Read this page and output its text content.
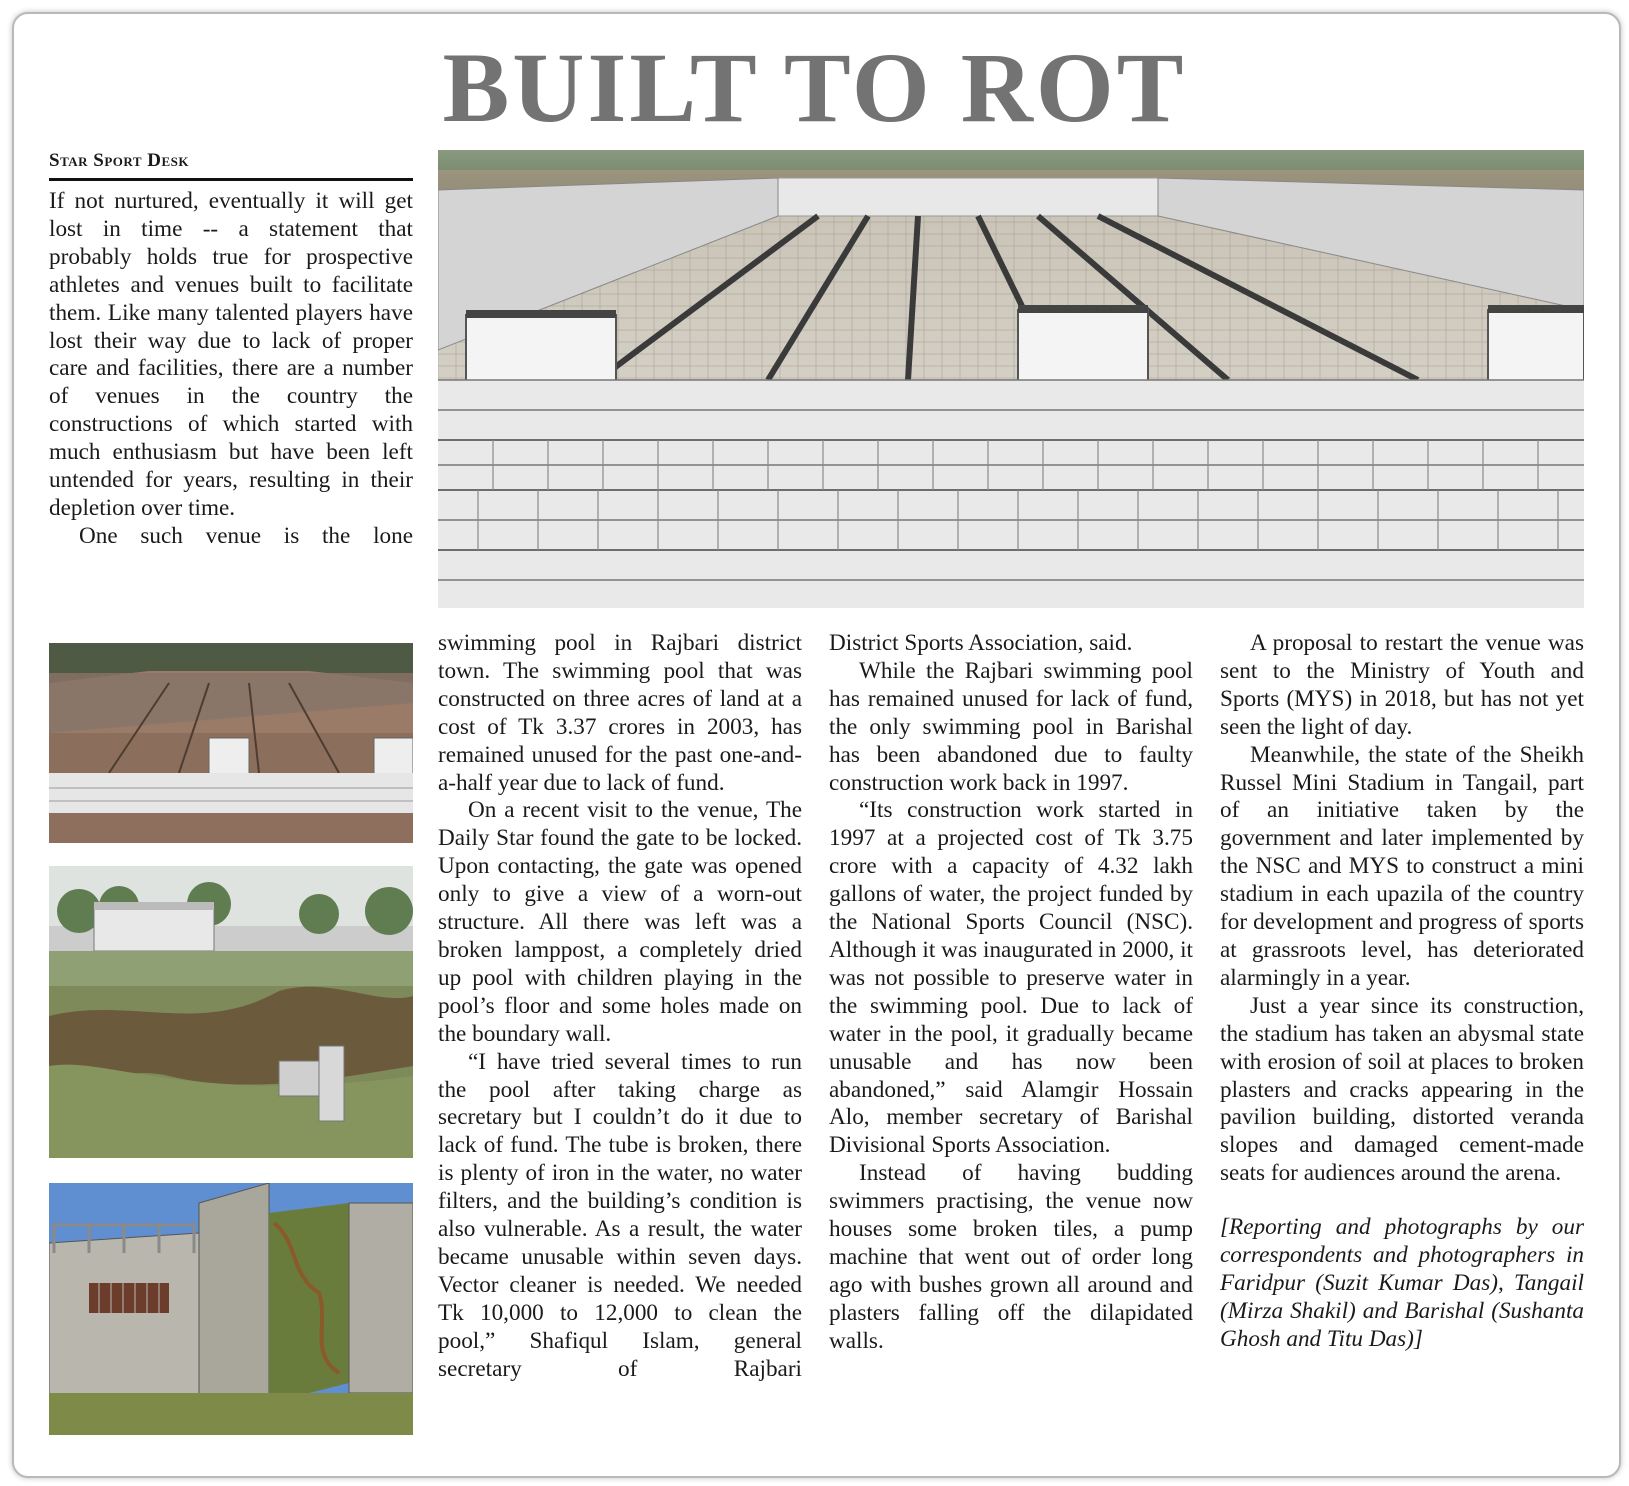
BUILT TO ROT
Star Sport Desk

If not nurtured, eventually it will get lost in time -- a statement that probably holds true for prospective athletes and venues built to facilitate them. Like many talented players have lost their way due to lack of proper care and facilities, there are a number of venues in the country the constructions of which started with much enthusiasm but have been left untended for years, resulting in their depletion over time.

One such venue is the lone

swimming pool in Rajbari district town. The swimming pool that was constructed on three acres of land at a cost of Tk 3.37 crores in 2003, has remained unused for the past one-and-a-half year due to lack of fund.

On a recent visit to the venue, The Daily Star found the gate to be locked. Upon contacting, the gate was opened only to give a view of a worn-out structure. All there was left was a broken lamppost, a completely dried up pool with children playing in the pool’s floor and some holes made on the boundary wall.

“I have tried several times to run the pool after taking charge as secretary but I couldn’t do it due to lack of fund. The tube is broken, there is plenty of iron in the water, no water filters, and the building’s condition is also vulnerable. As a result, the water became unusable within seven days. Vector cleaner is needed. We needed Tk 10,000 to 12,000 to clean the pool,” Shafiqul Islam, general secretary of Rajbari

District Sports Association, said.

While the Rajbari swimming pool has remained unused for lack of fund, the only swimming pool in Barishal has been abandoned due to faulty construction work back in 1997.

“Its construction work started in 1997 at a projected cost of Tk 3.75 crore with a capacity of 4.32 lakh gallons of water, the project funded by the National Sports Council (NSC). Although it was inaugurated in 2000, it was not possible to preserve water in the swimming pool. Due to lack of water in the pool, it gradually became unusable and has now been abandoned,” said Alamgir Hossain Alo, member secretary of Barishal Divisional Sports Association.

Instead of having budding swimmers practising, the venue now houses some broken tiles, a pump machine that went out of order long ago with bushes grown all around and plasters falling off the dilapidated walls.

A proposal to restart the venue was sent to the Ministry of Youth and Sports (MYS) in 2018, but has not yet seen the light of day.

Meanwhile, the state of the Sheikh Russel Mini Stadium in Tangail, part of an initiative taken by the government and later implemented by the NSC and MYS to construct a mini stadium in each upazila of the country for development and progress of sports at grassroots level, has deteriorated alarmingly in a year.

Just a year since its construction, the stadium has taken an abysmal state with erosion of soil at places to broken plasters and cracks appearing in the pavilion building, distorted veranda slopes and damaged cement-made seats for audiences around the arena.

[Reporting and photographs by our correspondents and photographers in Faridpur (Suzit Kumar Das), Tangail (Mirza Shakil) and Barishal (Sushanta Ghosh and Titu Das)]
